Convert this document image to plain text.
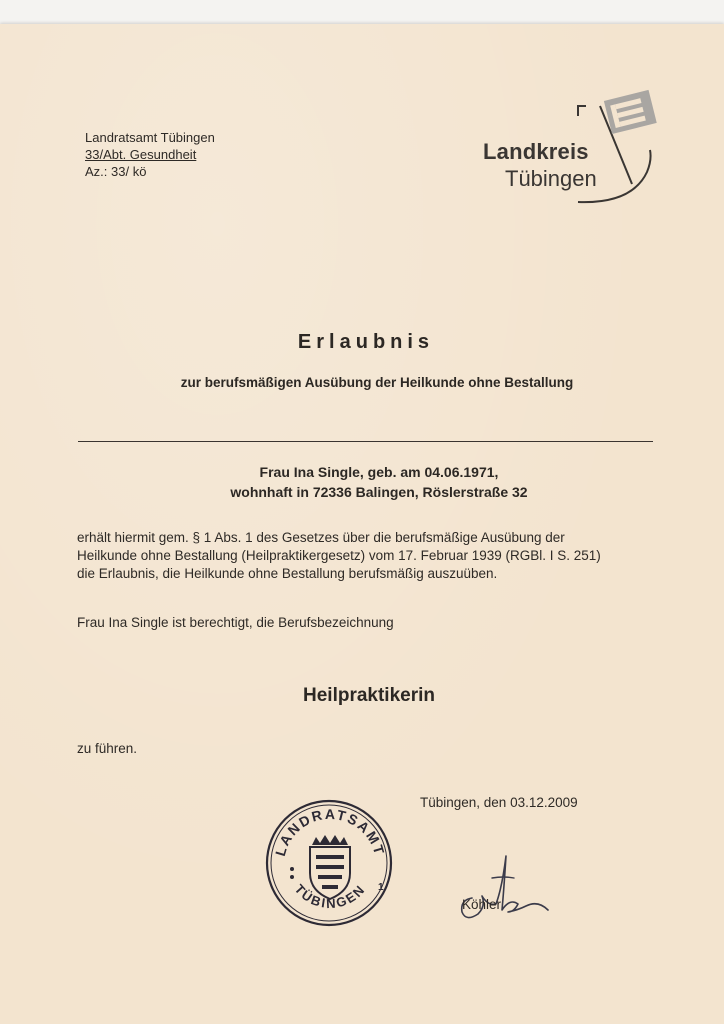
Landratsamt Tübingen
33/Abt. Gesundheit
Az.: 33/ kö
Landkreis
Tübingen
Erlaubnis
zur berufsmäßigen Ausübung der Heilkunde ohne Bestallung
Frau Ina Single, geb. am 04.06.1971,
wohnhaft in 72336 Balingen, Röslerstraße 32
erhält hiermit gem. § 1 Abs. 1 des Gesetzes über die berufsmäßige Ausübung der
Heilkunde ohne Bestallung (Heilpraktikergesetz) vom 17. Februar 1939 (RGBl. I S. 251)
die Erlaubnis, die Heilkunde ohne Bestallung berufsmäßig auszuüben.
Frau Ina Single ist berechtigt, die Berufsbezeichnung
Heilpraktikerin
zu führen.
Tübingen, den 03.12.2009
Köhler
LANDRATSAMT
TÜBINGEN 1
